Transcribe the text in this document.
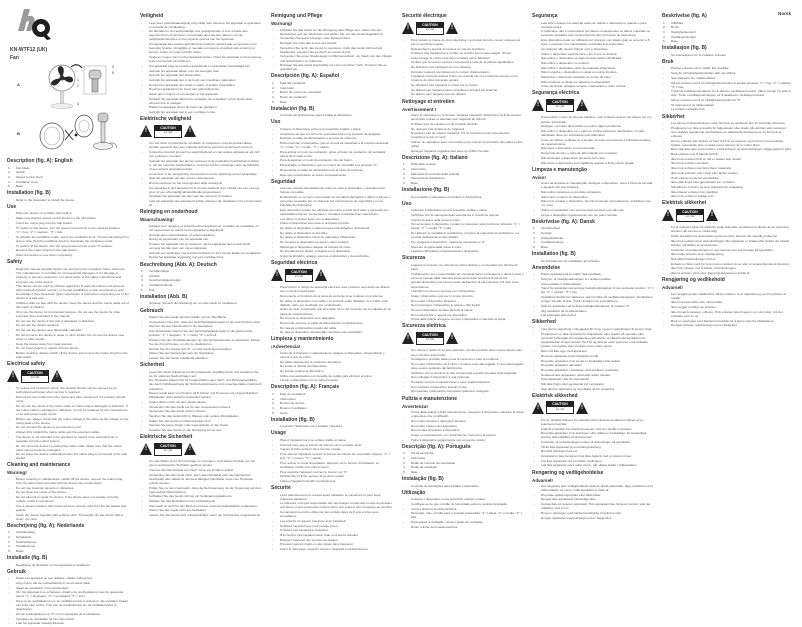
KN-WTF12 (UK)
Fan
Norsk
A
4
5
1
2
3
B
Description (fig. A): English
1. Fan blade
2. Switch
3. Speed control knob
4. Oscillation knob
5. Base
Installation (fig. B)
- Refer to the illustration to install the device.
Use
- Place the device on a stable, flat surface.
- Make sure that the speed control knob is in the off position.
- Insert the mains plug into the wall socket.
- To switch on the device, turn the speed control knob to the required position:
- "1" = low, "2" = medium, "3" = fast.
- To activate the oscillation mode, press the oscillation knob. The fan will swing from side to side. Pull the oscillation knob to deactivate the oscillation mode.
- To switch off the device, turn the speed control knob to the "0" position.
- Remove the mains plug from the wall socket.
- Allow the device to cool down completely.
Safety
- Read this manual carefully before use and keep the manual for future reference.
- The manufacturer is not liable for consequential damages or for damage to property or persons caused by non-observance of the safety instructions and improper use of the device.
- This device can be used by children aged from 8 years and above and persons with reduced physical, sensory or mental capabilities or lack of experience and knowledge if they have been given supervision or instruction concerning use of the device in a safe way.
- Children shall not play with the device. Keep the device and the mains cable out of the reach of children.
- Only use the device for its intended purpose. Do not use the device for other purposes than described in the manual.
- Do not use the device if any part is damaged or defective.
- Do not use the device outdoors.
- Do not use the device near flammable materials.
- Do not immerse the device in water or other liquids. Do not use the device near water or other liquids.
- Keep the device away from heat sources.
- Do not insert fingers or objects into the device.
- Before cleaning, always switch off the device and remove the mains plug from the wall socket.
Electrical safety
!
CAUTION
RISK OF ELECTRIC SHOCK DO NOT OPEN	!
- To reduce risk of electric shock, this product should only be opened by an authorized technician when service is required.
- Disconnect the product from the mains and other equipment if a problem should occur.
- Do not use the device if the mains cable or mains plug is damaged or defective. If the mains cable is damaged or defective, it must be replaced by the manufacturer or an authorized repair center.
- Before use, always check that the mains voltage is the same as the voltage on the rating plate of the device.
- Do not connect the device to an extension cord.
- Always fully unwind the mains cable and the extension cable.
- The device is not intended to be operated by means of an external timer or separate remote-control system.
- Do not move the device by pulling the mains cable. Make sure that the mains cable cannot become entangled.
- Do not leave the device unattended when the mains plug is connected to the wall socket.
Cleaning and maintenance
Warning!
- Before cleaning or maintenance, switch off the device, remove the mains plug from the wall socket and wait until the device has cooled down.
- Do not use cleaning solvents or abrasives.
- Do not clean the inside of the device.
- Do not attempt to repair the device. If the device does not operate correctly, replace it with a new device.
- Use a vacuum cleaner with brush nozzle to remove dust from the fan blades and guards.
- Clean the device regularly with a damp cloth. Thoroughly dry the device with a clean, dry cloth.
Beschrijving (fig. A): Nederlands
1. Ventilatorblad
2. Schakelaar
3. Snelheidsknop
4. Oscillatieknop
5. Basis
Installatie (fig. B)
- Raadpleeg de illustratie om het apparaat te installeren.
Gebruik
- Plaats het apparaat op een stabiele, vlakke ondergrond.
- Zorg ervoor dat de snelheidsknop in de uit-stand staat.
- Steek de netstekker in het stopcontact.
- Om het apparaat in te schakelen, draait u de snelheidsknop naar de gewenste stand: "1" = langzaam, "2" = gemiddeld, "3" = snel.
- Druk op de oscillatieknop om de oscillatiemodus te activeren. De ventilator zwaait van links naar rechts. Trek aan de oscillatieknop om de oscillatiemodus te deactiveren.
- Zet de snelheidsknop op "0" om het apparaat uit te schakelen.
- Verwijder de netstekker uit het stopcontact.
- Laat het apparaat volledig afkoelen.
Veiligheid
- Lees deze gebruiksaanwijzing zorgvuldig door alvorens het apparaat te gebruiken en bewaar de handleiding.
- De fabrikant is niet aansprakelijk voor gevolgschade of voor schade aan eigendommen of personen veroorzaakt door het niet naleven van de veiligheidsinstructies en het onjuiste gebruik van het apparaat.
- Het apparaat kan worden gebruikt door kinderen vanaf 8 jaar en personen met beperkte fysieke, zintuiglijke of mentale vermogens of gebrek aan ervaring en kennis, indien zij onder toezicht staan.
- Kinderen mogen niet met het apparaat spelen. Houd het apparaat en het netsnoer buiten het bereik van kinderen.
- Het apparaat mag niet worden gebruikt als er onderdelen beschadigd zijn.
- Gebruik het apparaat alleen voor het beoogde doel.
- Gebruik het apparaat niet buitenshuis.
- Gebruik het apparaat niet in de buurt van brandbare materialen.
- Dompel het apparaat niet onder in water of andere vloeistoffen.
- Houd het apparaat uit de buurt van warmtebronnen.
- Steek geen vingers of voorwerpen in het apparaat.
- Schakel het apparaat altijd uit en verwijder de netstekker uit het stopcontact alvorens het te reinigen.
- Plaats het apparaat niet in de buurt van gordijnen.
- Gebruik het apparaat niet in een vochtige ruimte.
Elektrische veiligheid
!
CAUTION
RISK OF ELECTRIC SHOCK DO NOT OPEN	!
- Om het risico op elektrische schokken te voorkomen mag dit product alleen worden geopend door een erkende technicus wanneer onderhoud vereist is.
- Koppel het product los van het elektriciteitsnet en van andere apparatuur als zich een probleem voordoet.
- Gebruik het apparaat niet als het netsnoer of de netstekker beschadigd of defect is. Als het netsnoer beschadigd is, moet het worden vervangen door de fabrikant of een erkend reparatiecentrum.
- Controleer of de netspanning overeenkomt met de spanning op het typeplaatje.
- Sluit het apparaat niet aan op een verlengsnoer.
- Rol het netsnoer en het verlengsnoer altijd volledig af.
- Het apparaat is niet bedoeld om te worden bediend door middel van een externe timer of een afzonderlijk afstandsbedieningssysteem.
- Verplaats het apparaat niet door aan het netsnoer te trekken.
- Laat het apparaat niet onbeheerd achter wanneer de netstekker in het stopcontact zit.
Reiniging en onderhoud
Waarschuwing!
- Schakel voor reiniging of onderhoud het apparaat uit, verwijder de netstekker uit het stopcontact en wacht tot het apparaat is afgekoeld.
- Gebruik geen oplosmiddelen of schuurmiddelen.
- Reinig de binnenkant van het apparaat niet.
- Probeer het apparaat niet te repareren. Als het apparaat niet correct werkt, vervang het dan door een nieuw apparaat.
- Gebruik een stofzuiger met borstelmondstuk om stof van de bladen te verwijderen.
- Reinig het apparaat regelmatig met een vochtige doek.
Beschreibung (Abb. A): Deutsch
1. Ventilatorflügel
2. Schalter
3. Geschwindigkeitsregler
4. Oszillationsknopf
5. Fuß
Installation (Abb. B)
- Schauen Sie sich die Abbildung an, um das Gerät zu installieren.
Gebrauch
- Stellen Sie das Gerät auf eine stabile, ebene Oberfläche.
- Vergewissern Sie sich, dass der Geschwindigkeitsregler in der Aus-Position steht.
- Stecken Sie den Netzstecker in die Steckdose.
- Zum Einschalten drehen Sie den Geschwindigkeitsregler in die gewünschte Position: "1" = langsam, "2" = mittel, "3" = schnell.
- Drücken Sie den Oszillationsknopf, um den Schwenkmodus zu aktivieren. Ziehen Sie den Knopf heraus, um ihn zu deaktivieren.
- Drehen Sie den Regler auf "0", um das Gerät auszuschalten.
- Ziehen Sie den Netzstecker aus der Steckdose.
- Lassen Sie das Gerät vollständig abkühlen.
Sicherheit
- Lesen Sie diese Anleitung vor dem Gebrauch sorgfältig durch und bewahren Sie sie für späteres Nachschlagen auf.
- Der Hersteller haftet nicht für Folgeschäden oder Sach- und Personenschäden, die durch Nichtbeachtung der Sicherheitshinweise und unsachgemäßen Gebrauch entstehen.
- Dieses Gerät kann von Kindern ab 8 Jahren und Personen mit eingeschränkten Fähigkeiten unter Aufsicht verwendet werden.
- Kinder dürfen nicht mit dem Gerät spielen.
- Verwenden Sie das Gerät nur für den vorgesehenen Zweck.
- Verwenden Sie das Gerät nicht im Freien.
- Tauchen Sie das Gerät nicht in Wasser oder andere Flüssigkeiten.
- Halten Sie das Gerät von Wärmequellen fern.
- Stecken Sie keine Finger oder Gegenstände in das Gerät.
- Schalten Sie das Gerät vor der Reinigung immer aus.
Elektrische Sicherheit
!
CAUTION
RISK OF ELECTRIC SHOCK DO NOT OPEN	!
- Um das Risiko eines Stromschlags zu verringern, darf dieses Produkt nur von einem autorisierten Techniker geöffnet werden.
- Trennen Sie das Produkt vom Netz, wenn ein Problem auftritt.
- Verwenden Sie das Gerät nicht, wenn das Netzkabel oder der Netzstecker beschädigt oder defekt ist. Ein beschädigtes Netzkabel muss vom Hersteller ersetzt werden.
- Prüfen Sie vor dem Gebrauch, dass die Netzspannung mit der Spannung auf dem Typenschild übereinstimmt.
- Schließen Sie das Gerät nicht an ein Verlängerungskabel an.
- Wickeln Sie das Netzkabel immer vollständig ab.
- Das Gerät ist nicht für den Betrieb mit einer externen Zeitschaltuhr vorgesehen.
- Ziehen Sie das Gerät nicht am Netzkabel.
- Lassen Sie das Gerät nicht unbeaufsichtigt, wenn der Netzstecker eingesteckt ist.
Reinigung und Pflege
Warnung!
- Schalten Sie das Gerät vor der Reinigung oder Pflege aus, ziehen Sie den Netzstecker aus der Steckdose und warten Sie, bis das Gerät abgekühlt ist.
- Verwenden Sie keine Lösungs- oder Scheuermittel.
- Reinigen Sie nicht das Innere des Geräts.
- Versuchen Sie nicht, das Gerät zu reparieren. Falls das Gerät nicht korrekt funktioniert, ersetzen Sie es durch ein neues Gerät.
- Verwenden Sie einen Staubsauger mit Bürstenaufsatz, um Staub von den Flügeln und Schutzgittern zu entfernen.
- Reinigen Sie das Gerät regelmäßig mit einem feuchten Tuch. Trocknen Sie es gründlich ab.
Descripción (fig. A): Español
1. Pala del ventilador
2. Interruptor
3. Botón de control de velocidad
4. Botón de oscilación
5. Base
Instalación (fig. B)
- Consulte las ilustraciones para instalar el dispositivo.
Uso
- Coloque el dispositivo sobre una superficie estable y plana.
- Asegúrese de que el control de velocidad esté en la posición de apagado.
- Enchufe el cable de alimentación a la toma de corriente.
- Para encender el dispositivo, gire el control de velocidad a la posición deseada: "1" = bajo, "2" = medio, "3" = rápido.
- Para activar el modo de oscilación, pulse el botón de oscilación. El ventilador girará de un lado a otro.
- Para desactivar el modo de oscilación, tire del botón.
- Para apagar el dispositivo, gire el control de velocidad a la posición "0".
- Desenchufe el cable de alimentación de la toma de corriente.
- Deje que el dispositivo se enfríe completamente.
Seguridad
- Lea este manual detenidamente antes de usar el dispositivo y guárdelo para futuras consultas.
- El fabricante no se hace responsable de los daños derivados o daños a bienes o personas causados por no observar las instrucciones de seguridad y el uso indebido del dispositivo.
- Este dispositivo puede ser utilizado por niños a partir de 8 años y personas con capacidades físicas, sensoriales o mentales reducidas bajo supervisión.
- Los niños no deben jugar con el dispositivo.
- Utilice el dispositivo solo para el propósito previsto.
- No utilice el dispositivo si alguna pieza está dañada o defectuosa.
- No utilice el dispositivo al aire libre.
- No utilice el dispositivo cerca de materiales inflamables.
- No sumerja el dispositivo en agua u otros líquidos.
- Mantenga el dispositivo alejado de fuentes de calor.
- No introduzca los dedos ni objetos en el dispositivo.
- Antes de limpiarlo, apague siempre el dispositivo y desenchúfelo.
Seguridad eléctrica
!
CAUTION
RISK OF ELECTRIC SHOCK DO NOT OPEN	!
- Para reducir el riesgo de descarga eléctrica, este producto solo debe ser abierto por un técnico autorizado.
- Desconecte el producto de la toma de corriente si se produce un problema.
- No utilice el dispositivo si el cable o el enchufe están dañados. Si el cable está dañado, debe ser sustituido por el fabricante.
- Antes de usar, compruebe que la tensión de la red coincide con la indicada en la placa de características.
- No conecte el dispositivo a un alargador.
- Desenrolle siempre el cable de alimentación completamente.
- No mueva el dispositivo tirando del cable.
- No deje el dispositivo desatendido mientras esté enchufado.
Limpieza y mantenimiento
¡Advertencia!
- Antes de la limpieza o mantenimiento, apague el dispositivo, desenchúfelo y espere a que se enfríe.
- No utilice disolventes ni productos abrasivos.
- No limpie el interior del dispositivo.
- No intente reparar el dispositivo.
- Utilice una aspiradora con boquilla de cepillo para eliminar el polvo.
- Limpie el dispositivo con un paño húmedo.
Description (fig. A): Français
1. Pale du ventilateur
2. Interrupteur
3. Bouton de vitesse
4. Bouton d'oscillation
5. Socle
Installation (fig. B)
- Consultez l'illustration pour installer l'appareil.
Usage
- Placez l'appareil sur une surface stable et plane.
- Assurez-vous que le bouton de vitesse est en position arrêt.
- Insérez la fiche secteur dans la prise murale.
- Pour allumer l'appareil, tournez le bouton de vitesse sur la position requise: "1" = lent, "2" = moyen, "3" = rapide.
- Pour activer le mode d'oscillation, appuyez sur le bouton d'oscillation. Le ventilateur oscille d'un côté à l'autre.
- Pour éteindre l'appareil, tournez le bouton sur "0".
- Débranchez la fiche secteur de la prise murale.
- Laissez l'appareil refroidir complètement.
Sécurité
- Lisez attentivement ce manuel avant utilisation et conservez-le pour toute référence ultérieure.
- Le fabricant n'est pas responsable des dommages consécutifs ou des dommages aux biens ou aux personnes causés par le non-respect des consignes de sécurité.
- Cet appareil peut être utilisé par des enfants âgés de 8 ans et plus sous surveillance.
- Les enfants ne doivent pas jouer avec l'appareil.
- N'utilisez l'appareil que pour l'usage prévu.
- N'utilisez pas l'appareil à l'extérieur.
- N'immergez pas l'appareil dans l'eau ou d'autres liquides.
- Éloignez l'appareil des sources de chaleur.
- N'insérez pas les doigts ou des objets dans l'appareil.
- Avant le nettoyage, éteignez toujours l'appareil et débranchez-le.
Sécurité électrique
!
CAUTION
RISK OF ELECTRIC SHOCK DO NOT OPEN	!
- Pour réduire le risque de choc électrique, ce produit doit être ouvert uniquement par un technicien agréé.
- Débranchez le produit du secteur en cas de problème.
- N'utilisez pas l'appareil si le cordon ou la fiche sont endommagés. S'il est endommagé, le cordon doit être remplacé par le fabricant.
- Vérifiez que la tension secteur correspond à celle de la plaque signalétique.
- Ne branchez pas l'appareil sur une rallonge.
- Déroulez toujours complètement le cordon d'alimentation.
- L'appareil n'est pas destiné à être commandé par une minuterie externe ou un système de télécommande séparé.
- Ne déplacez pas l'appareil en tirant sur le cordon.
- Ne laissez pas l'appareil sans surveillance lorsqu'il est branché.
- Ne placez pas l'appareil près de rideaux.
Nettoyage et entretien
Avertissement !
- Avant le nettoyage ou l'entretien, éteignez l'appareil, débranchez la fiche secteur de la prise murale et attendez que l'appareil ait refroidi.
- N'utilisez pas de solvants ou de produits abrasifs.
- Ne nettoyez pas l'intérieur de l'appareil.
- N'essayez pas de réparer l'appareil. S'il ne fonctionne pas correctement, remplacez-le par un neuf.
- Utilisez un aspirateur avec une brosse pour enlever la poussière des pales et des grilles.
- Nettoyez l'appareil régulièrement avec un chiffon humide.
Descrizione (fig. A): Italiano
1. Pala della ventola
2. Interruttore
3. Manopola di controllo della velocità
4. Manopola di oscillazione
5. Base
Installazione (fig. B)
- Per installare il dispositivo consultare le illustrazioni.
Uso
- Collocare il dispositivo su una superficie stabile e piana.
- Verificare che la manopola della velocità sia in posizione spenta.
- Inserire la spina nella presa a muro.
- Per accendere il dispositivo, ruotare la manopola nella posizione richiesta: "1" = bassa, "2" = media, "3" = alta.
- Per attivare la modalità di oscillazione, premere la manopola di oscillazione. La ventola oscillerà da un lato all'altro.
- Per spegnere il dispositivo, ruotare la manopola su "0".
- Staccare la spina dalla presa a muro.
- Lasciare raffreddare completamente il dispositivo.
Sicurezza
- Leggere il manuale con attenzione prima dell'uso e conservarlo per riferimenti futuri.
- Il fabbricante non è responsabile per eventuali danni conseguenti o danni a cose o persone causati dalla mancata osservanza delle istruzioni di sicurezza.
- Questo dispositivo può essere usato da bambini di età superiore a 8 anni sotto supervisione.
- I bambini non devono giocare con il dispositivo.
- Usare il dispositivo solo per lo scopo previsto.
- Non usare il dispositivo all'aperto.
- Non immergere il dispositivo in acqua o altri liquidi.
- Tenere il dispositivo lontano da fonti di calore.
- Non inserire dita o oggetti nel dispositivo.
- Prima della pulizia spegnere sempre il dispositivo e staccare la spina.
Sicurezza elettrica
!
CAUTION
RISK OF ELECTRIC SHOCK DO NOT OPEN	!
- Per ridurre il rischio di scosse elettriche, questo prodotto deve essere aperto solo da un tecnico autorizzato.
- Scollegare il prodotto dalla presa di corrente in caso di problemi.
- Non usare il dispositivo se il cavo o la spina sono danneggiati. Il cavo danneggiato deve essere sostituito dal fabbricante.
- Verificare che la tensione di rete corrisponda a quella riportata sulla targhetta.
- Non collegare il dispositivo a una prolunga.
- Srotolare sempre completamente il cavo di alimentazione.
- Non spostare il dispositivo tirando il cavo.
- Non lasciare il dispositivo incustodito quando è collegato.
Pulizia e manutenzione
Avvertenza!
- Prima della pulizia o della manutenzione, spegnere il dispositivo, staccare la spina e attendere che si raffreddi.
- Non usare solventi o detergenti abrasivi.
- Non pulire l'interno del dispositivo.
- Non tentare di riparare il dispositivo.
- Usare un aspirapolvere con spazzola per rimuovere la polvere.
- Pulire il dispositivo regolarmente con un panno umido.
Descrição (fig. A): Português
1. Pá da ventoinha
2. Interruptor
3. Botão de controlo da velocidade
4. Botão de oscilação
5. Base
Instalação (fig. B)
- Consulte as ilustrações para instalar o dispositivo.
Utilização
- Coloque o dispositivo numa superfície estável e plana.
- Certifique-se de que o botão de velocidade está na posição desligada.
- Insira a ficha na tomada eléctrica.
- Para ligar, rode o botão para a posição pretendida: "1" = baixa, "2" = média, "3" = alta.
- Para activar a oscilação, prima o botão de oscilação.
- Retire a ficha da tomada eléctrica.
Segurança
- Leia este manual com atenção antes de utilizar o dispositivo e guarde-o para consulta futura.
- O fabricante não é responsável por danos consequentes ou danos materiais ou pessoais causados pelo incumprimento das instruções de segurança.
- Este dispositivo pode ser utilizado por crianças com idade igual ou superior a 8 anos e pessoas com capacidades reduzidas sob supervisão.
- As crianças não devem brincar com o dispositivo.
- Utilize o dispositivo apenas para o fim a que se destina.
- Não utilize o dispositivo se alguma peça estiver danificada.
- Não utilize o dispositivo no exterior.
- Não utilize o dispositivo perto de materiais inflamáveis.
- Não mergulhe o dispositivo em água ou outros líquidos.
- Mantenha o dispositivo afastado de fontes de calor.
- Não introduza os dedos ou objectos no dispositivo.
- Antes de limpar, desligue sempre o dispositivo e retire a ficha.
Segurança eléctrica
!
CAUTION
RISK OF ELECTRIC SHOCK DO NOT OPEN	!
- Para reduzir o risco de choque eléctrico, este produto só deve ser aberto por um técnico autorizado.
- Desligue o produto da tomada se ocorrer algum problema.
- Não utilize o dispositivo se o cabo ou a ficha estiverem danificados. O cabo danificado deve ser substituído pelo fabricante.
- Antes de utilizar, verifique se a tensão de rede corresponde à indicada na placa de características.
- Não ligue o dispositivo a uma extensão.
- Desenrole sempre o cabo de alimentação por completo.
- Não desloque o dispositivo puxando pelo cabo.
- Não deixe o dispositivo sem vigilância quando a ficha estiver ligada.
Limpeza e manutenção
Aviso!
- Antes da limpeza ou manutenção, desligue o dispositivo, retire a ficha da tomada e aguarde até que arrefeça.
- Não utilize solventes ou produtos abrasivos.
- Não limpe o interior do dispositivo.
- Não tente reparar o dispositivo. Se não funcionar correctamente, substitua-o por um novo.
- Utilize um aspirador com escova para remover o pó das pás.
- Limpe o dispositivo regularmente com um pano húmido.
Beskrivelse (fig. A): Dansk
1. Ventilatorblad
2. Kontakt
3. Hastighedsknap
4. Oscillationsknap
5. Base
Installation (fig. B)
- Se illustrationen for installation af enheden.
Anvendelse
- Placer apparatet på en stabil, flad overflade.
- Sørg for, at hastighedsknappen er i slukket position.
- Sæt netstikket i stikkontakten.
- Tænd for apparatet ved at dreje hastighedsknappen til den ønskede position: "1" = lav, "2" = middel, "3" = høj.
- Oscillationsfunktionen aktiveres ved at trykke på oscillationsknappen. Ventilatoren svinger fra side til side. Træk i knappen for at deaktivere.
- Sluk for apparatet ved at dreje hastighedsknappen til position "0".
- Tag netstikket ud af stikkontakten.
- Lad apparatet køle helt af.
Sikkerhed
- Læs denne vejledning omhyggeligt før brug, og gem vejledningen til senere brug.
- Producenten er ikke ansvarlig for følgeskader eller skader på ejendom eller personer forårsaget af manglende overholdelse af sikkerhedsinstruktionerne.
- Apparatet kan bruges af børn fra 8 år og derover samt personer med nedsatte fysiske, sensoriske eller mentale evner under opsyn.
- Børn må ikke lege med apparatet.
- Brug kun apparatet til det tilsigtede formål.
- Brug ikke apparatet, hvis en del er beskadiget eller defekt.
- Brug ikke apparatet udendørs.
- Brug ikke apparatet i nærheden af brændbare materialer.
- Nedsænk ikke apparatet i vand eller andre væsker.
- Hold apparatet væk fra varmekilder.
- Stik ikke fingre eller genstande ind i apparatet.
- Sluk altid for apparatet og tag stikket ud før rengøring.
Elektrisk sikkerhed
!
CAUTION
RISK OF ELECTRIC SHOCK DO NOT OPEN	!
- For at mindske risikoen for elektrisk stød må dette produkt kun åbnes af en autoriseret tekniker.
- Frakobl produktet fra strømforsyningen, hvis der opstår et problem.
- Brug ikke apparatet, hvis ledningen eller stikket er beskadiget. En beskadiget ledning skal udskiftes af producenten.
- Kontrollér, at netspændingen svarer til spændingen på typeskiltet.
- Tilslut ikke apparatet til en forlængerledning.
- Rul altid ledningen helt ud.
- Apparatet er ikke beregnet til at blive betjent med en ekstern timer.
- Flyt ikke apparatet ved at trække i ledningen.
- Lad ikke apparatet være uden opsyn, når stikket sidder i stikkontakten.
Rengøring og vedligeholdelse
Advarsel!
- Før rengøring eller vedligeholdelse skal du slukke apparatet, tage netstikket ud af stikkontakten og vente, indtil apparatet er kølet af.
- Brug ikke opløsningsmidler eller slibemidler.
- Rengør ikke apparatets indvendige dele.
- Forsøg ikke at reparere apparatet. Hvis apparatet ikke fungerer korrekt, skal det udskiftes med et nyt.
- Brug en støvsuger med børstemundstykke til at fjerne støv.
- Rengør apparatet regelmæssigt med en fugtig klud.
Beskrivelse (fig. A)
1. Vifteblad
2. Bryter
3. Hastighetskontroll
4. Oscillasjonsknapp
5. Base
Installasjon (fig. B)
- Se illustrasjonen for å installere enheten.
Bruk
- Plasser enheten på en stabil, flat overflate.
- Sørg for at hastighetskontrollen står i av-stilling.
- Sett støpselet inn i stikkontakten.
- Slå på enheten ved å vri hastighetskontrollen til ønsket posisjon: "1" = lav, "2" = middels, "3" = høy.
- Trykk på oscillasjonsknappen for å aktivere oscillasjonsmodus. Viften svinger fra side til side. Trekk i oscillasjonsknappen for å deaktivere oscillasjonsmodus.
- Slå av enheten ved å vri hastighetskontrollen til "0".
- Ta støpselet ut av stikkontakten.
- La enheten avkjøles helt.
Sikkerhet
- Les denne bruksanvisningen nøye før bruk og oppbevar den for fremtidig referanse.
- Produsenten er ikke ansvarlig for følgeskader eller skade på eiendom eller personer som skyldes manglende overholdelse av sikkerhetsinstruksjonene og feil bruk av enheten.
- Denne enheten kan brukes av barn fra 8 år og oppover og personer med nedsatte fysiske, sensoriske eller mentale evner dersom de er under tilsyn.
- Barn skal ikke leke med enheten. Hold enheten og strømledningen utilgjengelig for barn.
- Bruk enheten kun til tiltenkt formål.
- Ikke bruk enheten hvis en del er skadet eller defekt.
- Ikke bruk enheten utendørs.
- Ikke bruk enheten nær brennbare materialer.
- Ikke senk enheten ned i vann eller andre væsker.
- Hold enheten borte fra varmekilder.
- Ikke stikk fingre eller gjenstander inn i enheten.
- Slå alltid av enheten og ta ut støpselet før rengjøring.
- Ikke plasser enheten nær gardiner.
- Ikke bruk enheten i fuktige rom.
Elektrisk sikkerhet
!
CAUTION
RISK OF ELECTRIC SHOCK DO NOT OPEN	!
- For å redusere faren for elektrisk sjokk skal dette produktet kun åpnes av en autorisert tekniker når service er nødvendig.
- Koble produktet fra strømnettet og annet utstyr dersom det oppstår problemer.
- Ikke bruk enheten hvis strømledningen eller støpselet er skadet eller defekt. En skadet ledning må skiftes av produsenten.
- Kontroller at nettspenningen er den samme som spenningen på typeskiltet.
- Ikke koble enheten til en skjøteledning.
- Rull alltid strømledningen helt ut.
- Enheten er ikke ment for bruk med en ekstern timer eller et separat fjernkontrollsystem.
- Ikke flytt enheten ved å trekke i strømledningen.
- Ikke la enheten være uten tilsyn når støpselet er koblet til.
Rengjøring og vedlikehold
Advarsel!
- Før rengjøring eller vedlikehold, slå av enheten, ta ut støpselet og vent til enheten er avkjølt.
- Ikke bruk løsemidler eller skuremidler.
- Ikke rengjør innsiden av enheten.
- Ikke forsøk å reparere enheten. Hvis enheten ikke fungerer som den skal, må den erstattes med en ny.
- Bruk en støvsuger med børstemunnstykke for å fjerne støv fra viftebladene.
- Rengjør enheten regelmessig med en fuktig klut.
